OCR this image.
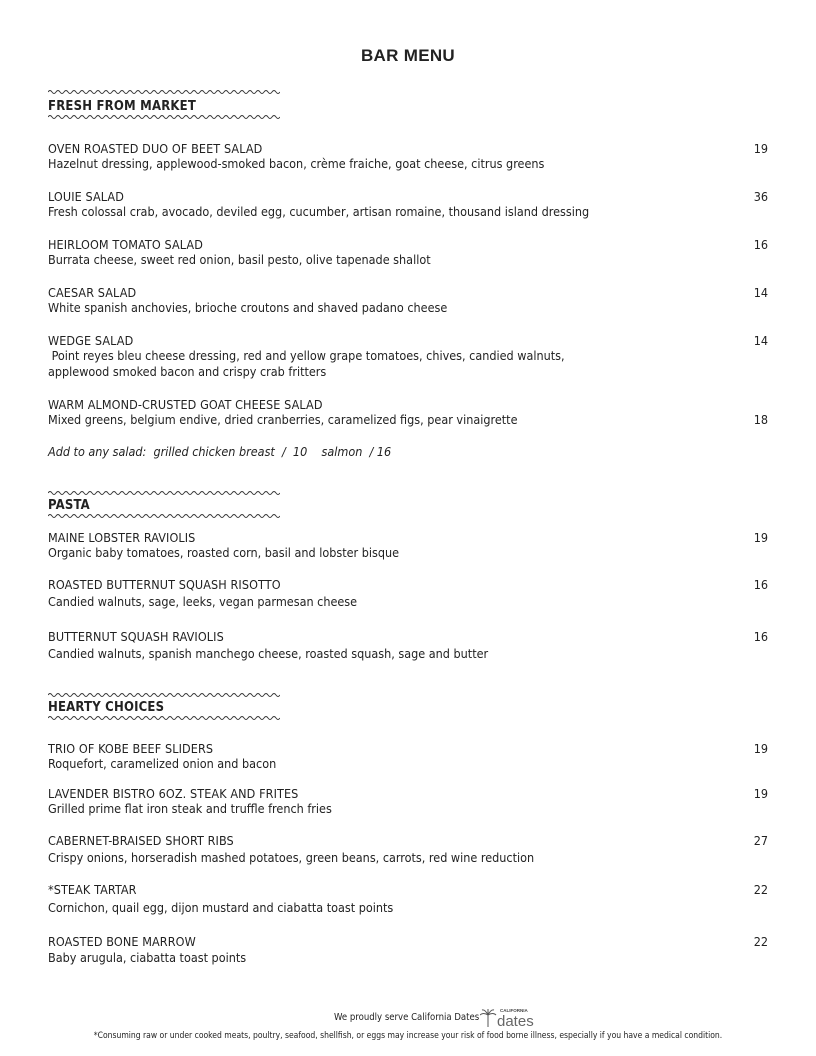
BAR MENU
FRESH FROM MARKET
OVEN ROASTED DUO OF BEET SALAD	19
Hazelnut dressing, applewood-smoked bacon, crème fraiche, goat cheese, citrus greens
LOUIE SALAD	36
Fresh colossal crab, avocado, deviled egg, cucumber, artisan romaine, thousand island dressing
HEIRLOOM TOMATO SALAD	16
Burrata cheese, sweet red onion, basil pesto, olive tapenade shallot
CAESAR SALAD	14
White spanish anchovies, brioche croutons and shaved padano cheese
WEDGE SALAD	14
Point reyes bleu cheese dressing, red and yellow grape tomatoes, chives, candied walnuts,
applewood smoked bacon and crispy crab fritters
WARM ALMOND-CRUSTED GOAT CHEESE SALAD
18
Mixed greens, belgium endive, dried cranberries, caramelized figs, pear vinaigrette
Add to any salad:  grilled chicken breast  /  10    salmon  / 16
PASTA
MAINE LOBSTER RAVIOLIS	19
Organic baby tomatoes, roasted corn, basil and lobster bisque
ROASTED BUTTERNUT SQUASH RISOTTO	16
Candied walnuts, sage, leeks, vegan parmesan cheese
BUTTERNUT SQUASH RAVIOLIS	16
Candied walnuts, spanish manchego cheese, roasted squash, sage and butter
HEARTY CHOICES
TRIO OF KOBE BEEF SLIDERS	19
Roquefort, caramelized onion and bacon
LAVENDER BISTRO 6OZ. STEAK AND FRITES	19
Grilled prime flat iron steak and truffle french fries
CABERNET-BRAISED SHORT RIBS	27
Crispy onions, horseradish mashed potatoes, green beans, carrots, red wine reduction
*STEAK TARTAR	22
Cornichon, quail egg, dijon mustard and ciabatta toast points
ROASTED BONE MARROW	22
Baby arugula, ciabatta toast points
We proudly serve California Dates
CALIFORNIA
dates
*Consuming raw or under cooked meats, poultry, seafood, shellfish, or eggs may increase your risk of food borne illness, especially if you have a medical condition.
